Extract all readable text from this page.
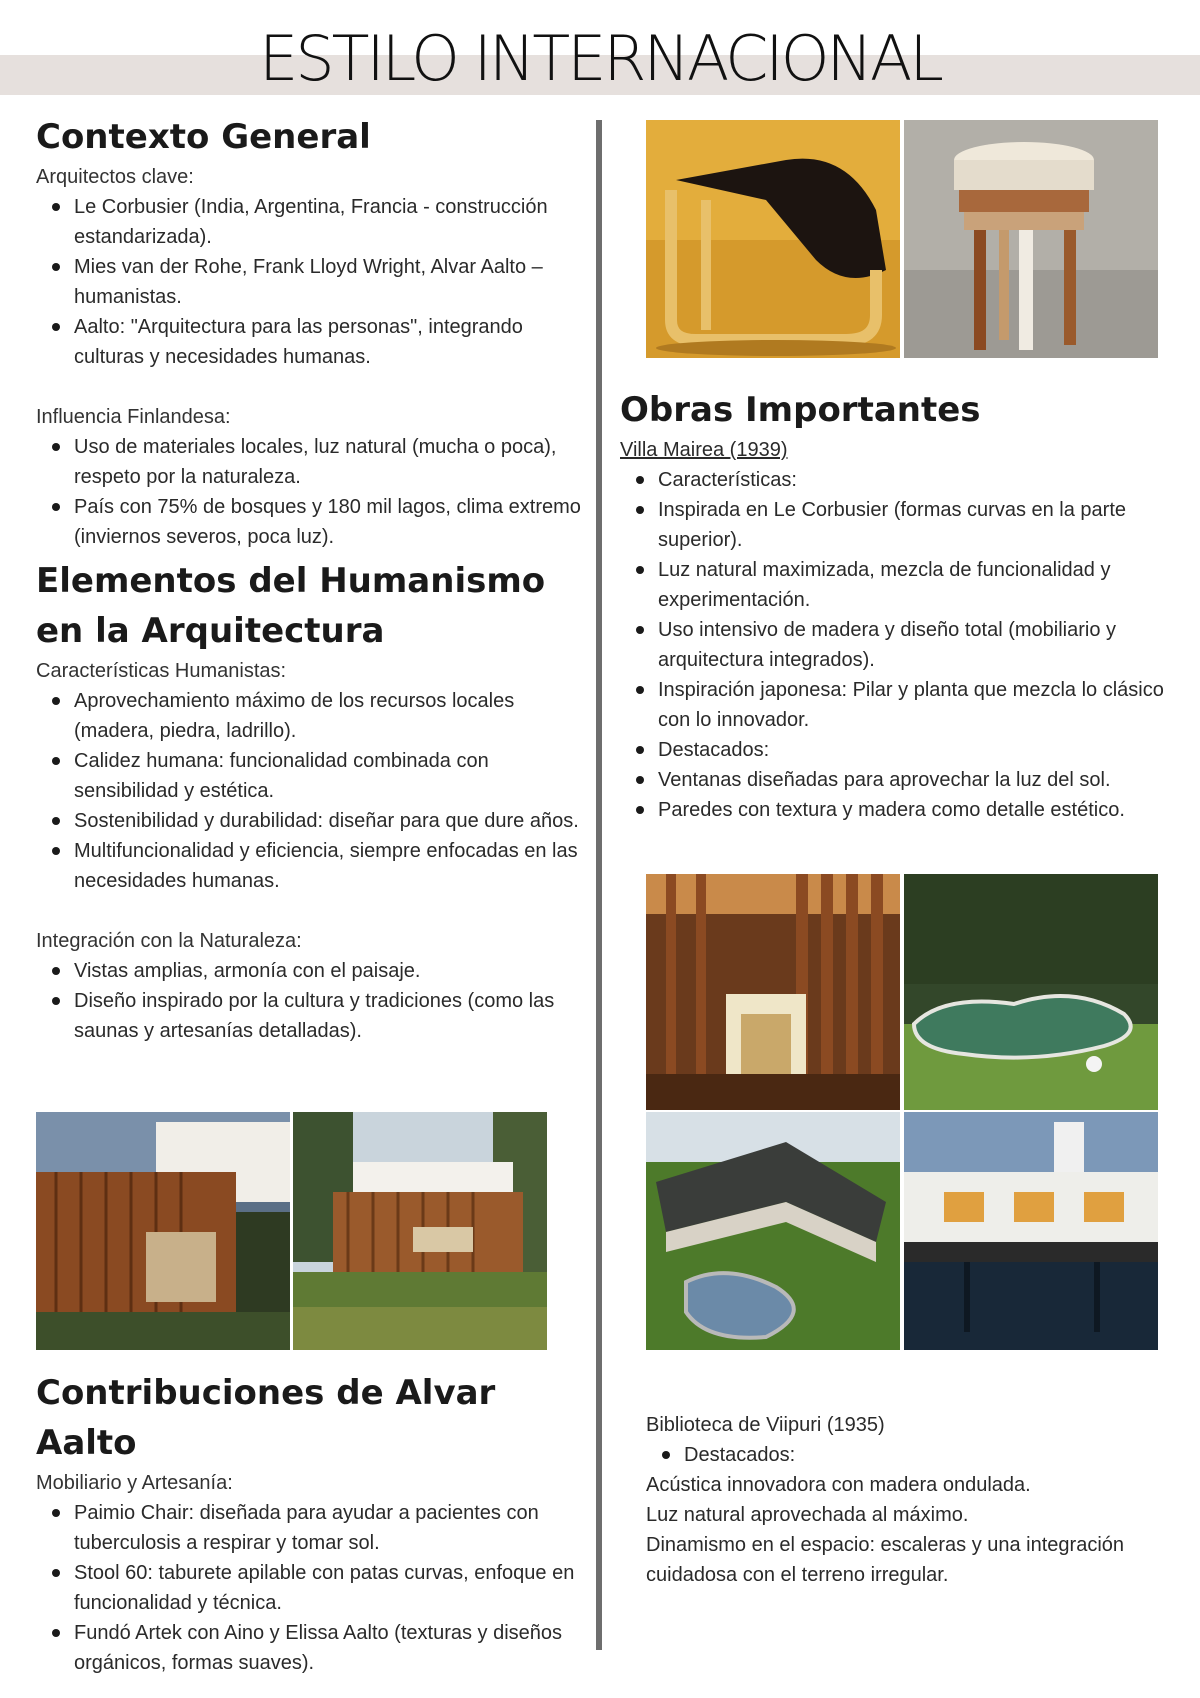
ESTILO INTERNACIONAL
Contexto General
Arquitectos clave:
Le Corbusier (India, Argentina, Francia - construcción estandarizada).
Mies van der Rohe, Frank Lloyd Wright, Alvar Aalto – humanistas.
Aalto: "Arquitectura para las personas", integrando culturas y necesidades humanas.
Influencia Finlandesa:
Uso de materiales locales, luz natural (mucha o poca), respeto por la naturaleza.
País con 75% de bosques y 180 mil lagos, clima extremo (inviernos severos, poca luz).
Elementos del Humanismo en la Arquitectura
Características Humanistas:
Aprovechamiento máximo de los recursos locales (madera, piedra, ladrillo).
Calidez humana: funcionalidad combinada con sensibilidad y estética.
Sostenibilidad y durabilidad: diseñar para que dure años.
Multifuncionalidad y eficiencia, siempre enfocadas en las necesidades humanas.
Integración con la Naturaleza:
Vistas amplias, armonía con el paisaje.
Diseño inspirado por la cultura y tradiciones (como las saunas y artesanías detalladas).
Contribuciones de Alvar Aalto
Mobiliario y Artesanía:
Paimio Chair: diseñada para ayudar a pacientes con tuberculosis a respirar y tomar sol.
Stool 60: taburete apilable con patas curvas, enfoque en funcionalidad y técnica.
Fundó Artek con Aino y Elissa Aalto (texturas y diseños orgánicos, formas suaves).
Obras Importantes
Villa Mairea (1939)
Características:
Inspirada en Le Corbusier (formas curvas en la parte superior).
Luz natural maximizada, mezcla de funcionalidad y experimentación.
Uso intensivo de madera y diseño total (mobiliario y arquitectura integrados).
Inspiración japonesa: Pilar y planta que mezcla lo clásico con lo innovador.
Destacados:
Ventanas diseñadas para aprovechar la luz del sol.
Paredes con textura y madera como detalle estético.
Biblioteca de Viipuri (1935)
Destacados:
Acústica innovadora con madera ondulada.
Luz natural aprovechada al máximo.
Dinamismo en el espacio: escaleras y una integración cuidadosa con el terreno irregular.
